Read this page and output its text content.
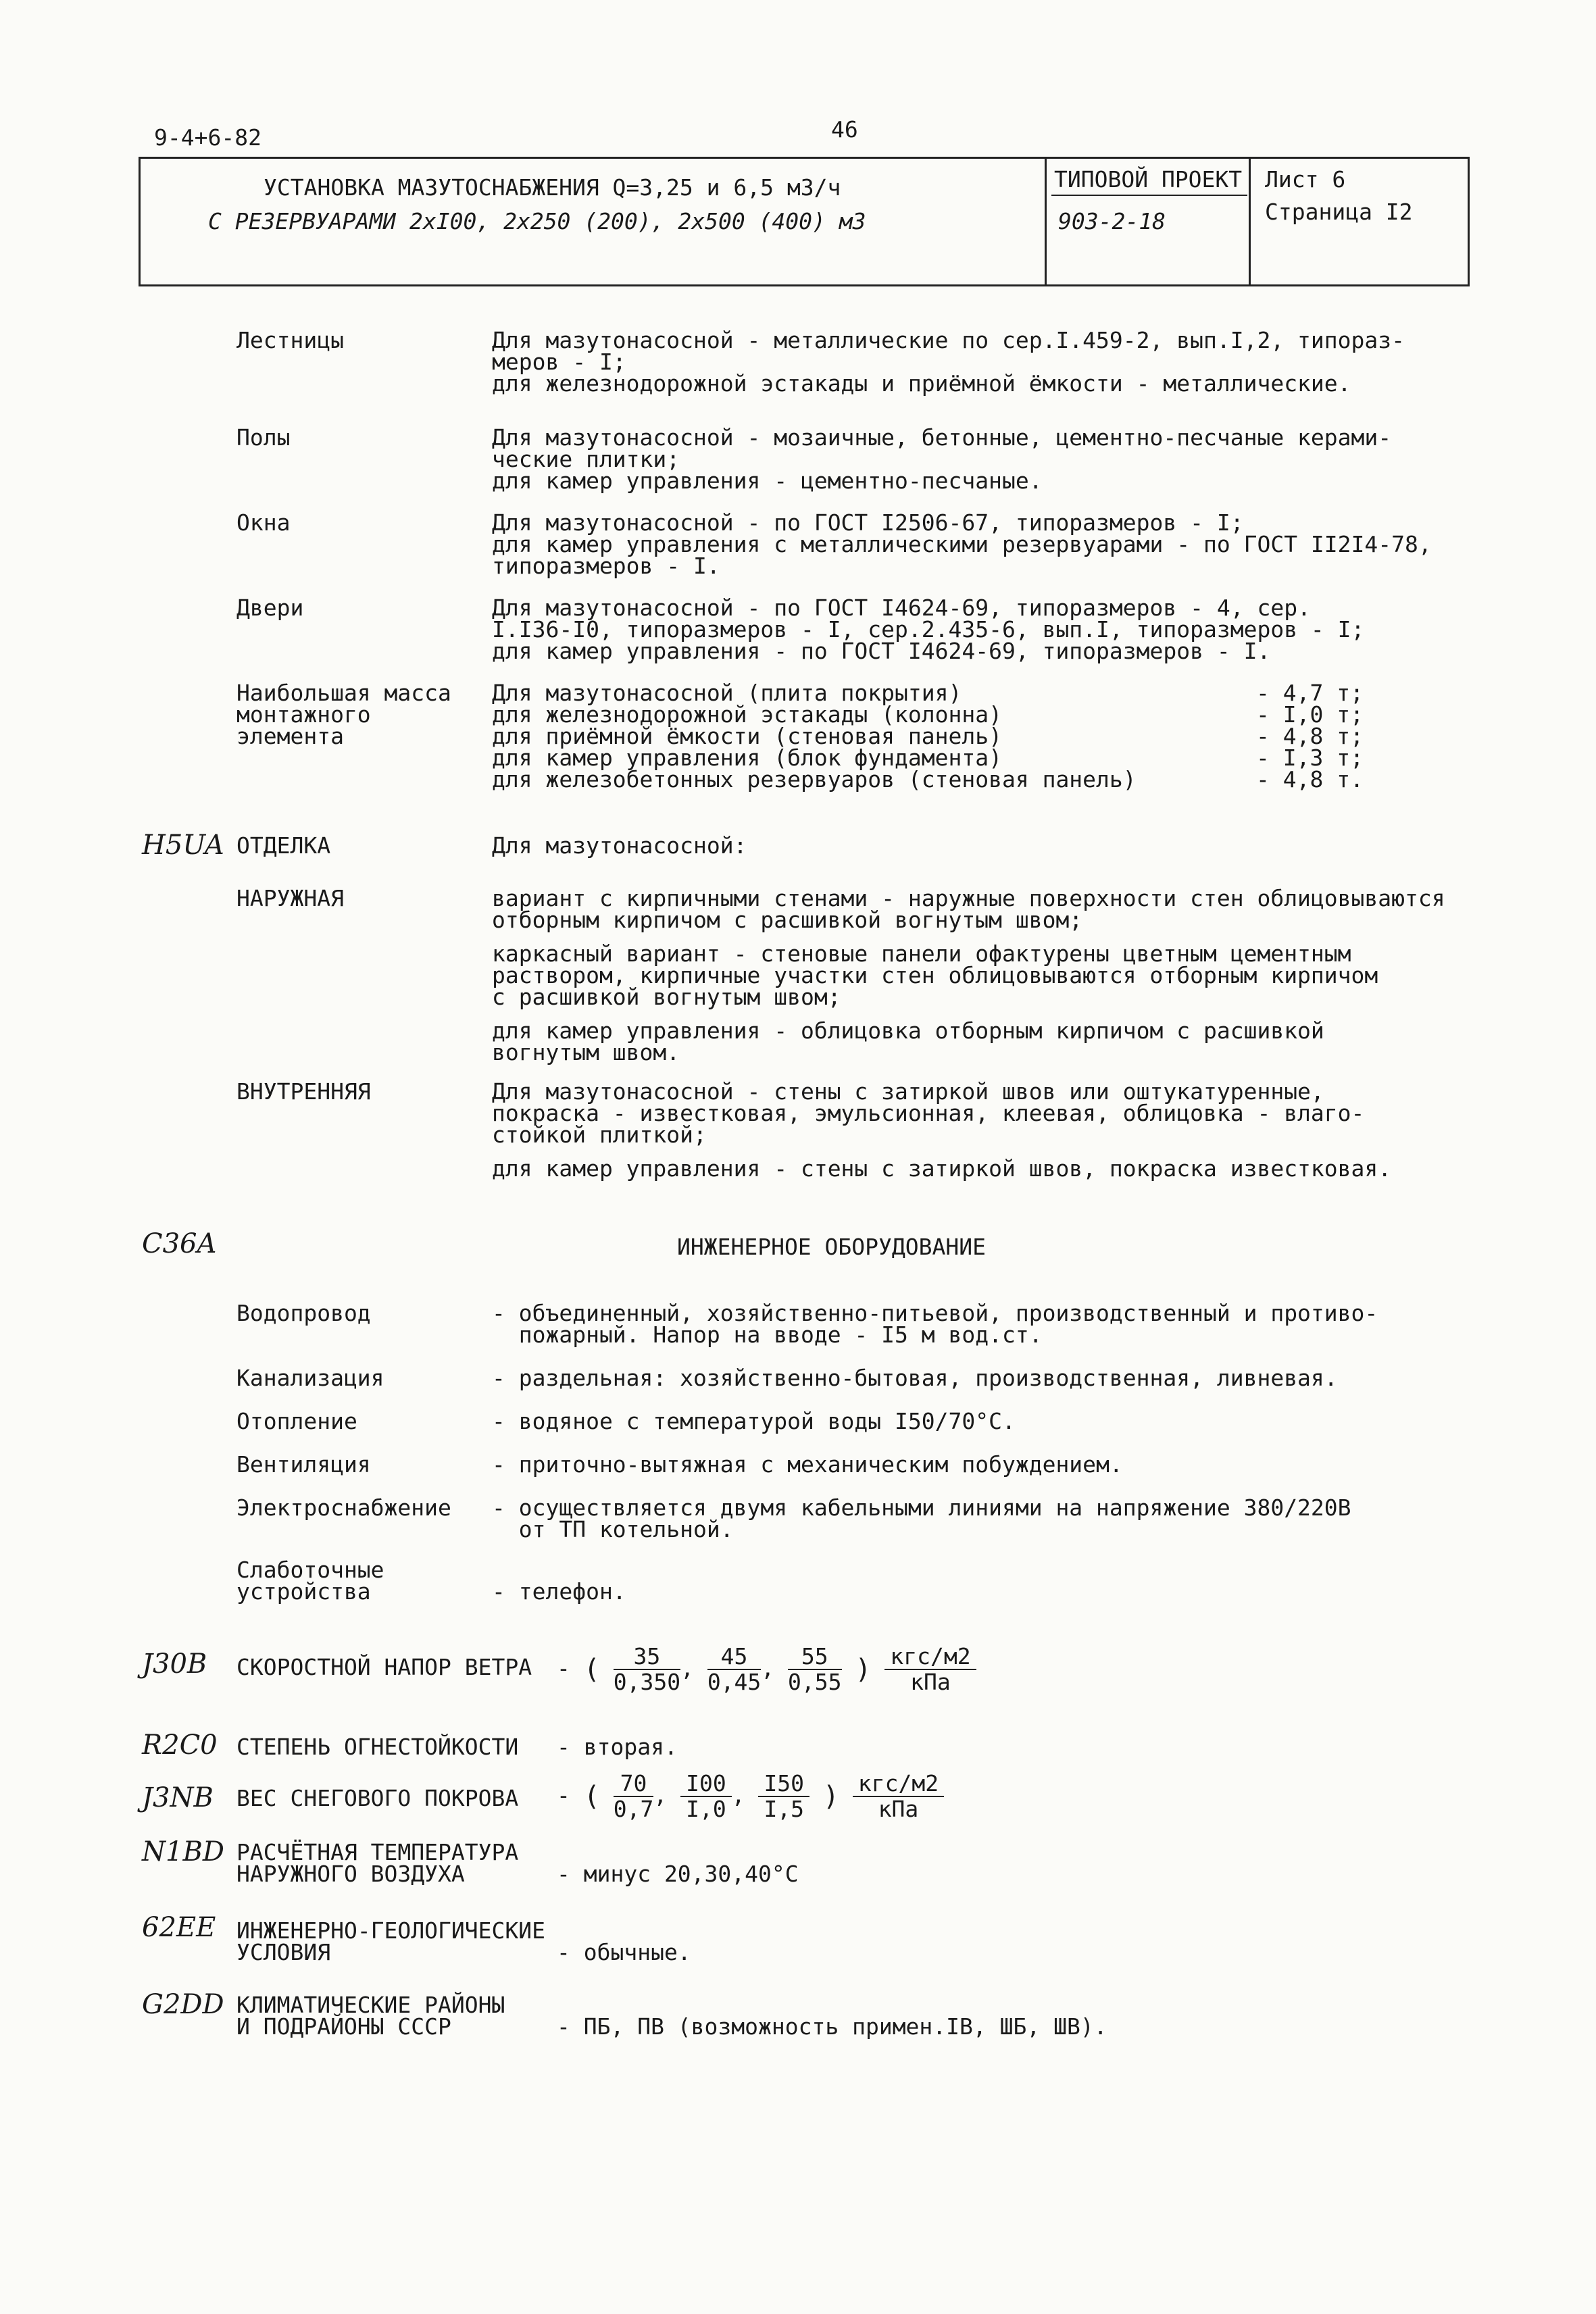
9-4+6-82	46
УСТАНОВКА МАЗУТОСНАБЖЕНИЯ Q=3,25 и 6,5 м3/ч
С РЕЗЕРВУАРАМИ 2хI00, 2х250 (200), 2х500 (400) м3
ТИПОВОЙ ПРОЕКТ
903-2-18
Лист 6
Страница I2
Лестницы	Для мазутонасосной - металлические по сер.I.459-2, вып.I,2, типораз-
меров - I;
для железнодорожной эстакады и приёмной ёмкости - металлические.
Полы	Для мазутонасосной - мозаичные, бетонные, цементно-песчаные керами-
ческие плитки;
для камер управления - цементно-песчаные.
Окна	Для мазутонасосной - по ГОСТ I2506-67, типоразмеров - I;
для камер управления с металлическими резервуарами - по ГОСТ II2I4-78,
типоразмеров - I.
Двери	Для мазутонасосной - по ГОСТ I4624-69, типоразмеров - 4, сер.
I.I36-I0, типоразмеров - I, сер.2.435-6, вып.I, типоразмеров - I;
для камер управления - по ГОСТ I4624-69, типоразмеров - I.
Наибольшая масса
монтажного
элемента
Для мазутонасосной (плита покрытия)	- 4,7 т;
для железнодорожной эстакады (колонна)	- I,0 т;
для приёмной ёмкости (стеновая панель)	- 4,8 т;
для камер управления (блок фундамента)	- I,3 т;
для железобетонных резервуаров (стеновая панель)	- 4,8 т.
H5UA ОТДЕЛКА	Для мазутонасосной:
НАРУЖНАЯ	вариант с кирпичными стенами - наружные поверхности стен облицовываются
отборным кирпичом с расшивкой вогнутым швом;
каркасный вариант - стеновые панели офактурены цветным цементным
раствором, кирпичные участки стен облицовываются отборным кирпичом
с расшивкой вогнутым швом;
для камер управления - облицовка отборным кирпичом с расшивкой
вогнутым швом.
ВНУТРЕННЯЯ	Для мазутонасосной - стены с затиркой швов или оштукатуренные,
покраска - известковая, эмульсионная, клеевая, облицовка - влаго-
стойкой плиткой;
для камер управления - стены с затиркой швов, покраска известковая.
C36A	ИНЖЕНЕРНОЕ ОБОРУДОВАНИЕ
Водопровод	- объединенный, хозяйственно-питьевой, производственный и противо-
пожарный. Напор на вводе - I5 м вод.ст.
Канализация	- раздельная: хозяйственно-бытовая, производственная, ливневая.
Отопление	- водяное с температурой воды I50/70°С.
Вентиляция	- приточно-вытяжная с механическим побуждением.
Электроснабжение	- осуществляется двумя кабельными линиями на напряжение 380/220В
от ТП котельной.
Слаботочные
устройства	- телефон.
J30B	СКОРОСТНОЙ НАПОР ВЕТРА - ( $\frac{35}{0,350}$ , $\frac{45}{0,45}$ , $\frac{55}{0,55}$ ) $\frac{\text{кгс/м2}}{\text{кПа}}$
R2C0 СТЕПЕНЬ ОГНЕСТОЙКОСТИ - вторая.
J3NB	ВЕС СНЕГОВОГО ПОКРОВА - ( $\frac{70}{0,7}$ , $\frac{I00}{I,0}$ , $\frac{I50}{I,5}$ ) $\frac{\text{кгс/м2}}{\text{кПа}}$
N1BD РАСЧЁТНАЯ ТЕМПЕРАТУРА
НАРУЖНОГО ВОЗДУХА	- минус 20,30,40°С
62EE ИНЖЕНЕРНО-ГЕОЛОГИЧЕСКИЕ
УСЛОВИЯ	- обычные.
G2DD КЛИМАТИЧЕСКИЕ РАЙОНЫ
И ПОДРАЙОНЫ СССР	- ПБ, ПВ (возможность примен.IВ, ШБ, ШВ).
